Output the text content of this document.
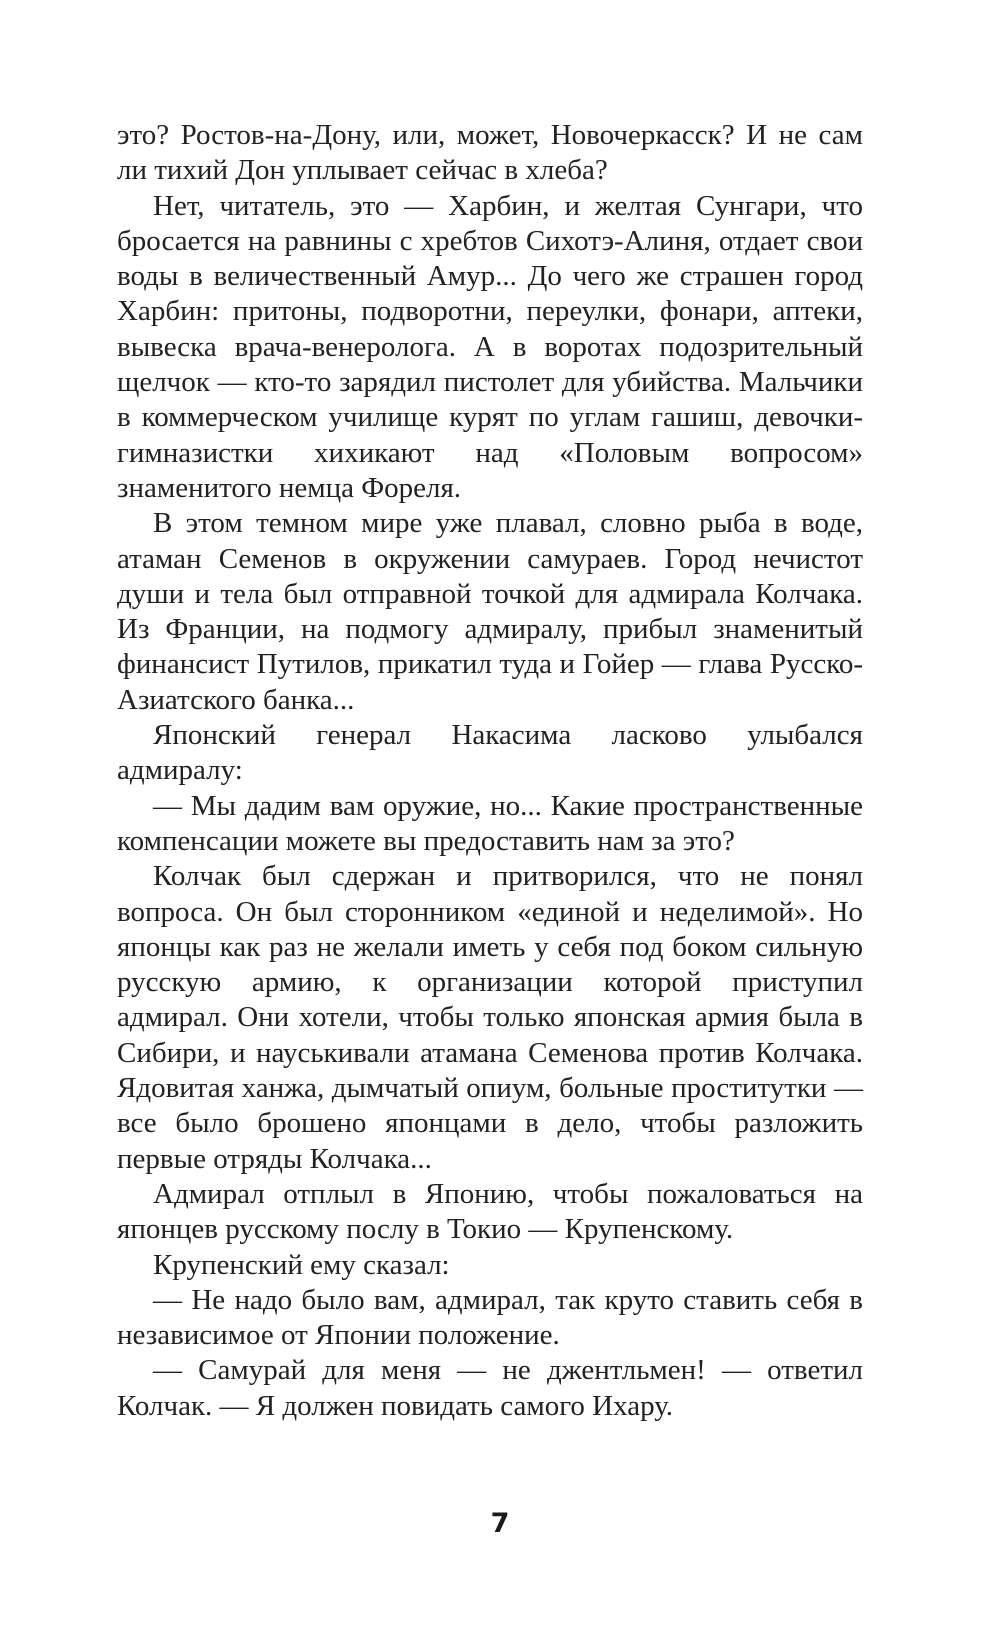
это? Ростов-на-Дону, или, может, Новочеркасск? И не сам ли тихий Дон уплывает сейчас в хлеба?

Нет, читатель, это — Харбин, и желтая Сунгари, что бросается на равнины с хребтов Сихотэ-Алиня, отдает свои воды в величественный Амур... До чего же страшен город Харбин: притоны, подворотни, переулки, фонари, аптеки, вывеска врача-венеролога. А в воротах подозрительный щелчок — кто-то зарядил пистолет для убийства. Мальчики в коммерческом училище курят по углам гашиш, девочки-гимназистки хихикают над «Половым вопросом» знаменитого немца Фореля.

В этом темном мире уже плавал, словно рыба в воде, атаман Семенов в окружении самураев. Город нечистот души и тела был отправной точкой для адмирала Колчака. Из Франции, на подмогу адмиралу, прибыл знаменитый финансист Путилов, прикатил туда и Гойер — глава Русско-Азиатского банка...

Японский генерал Накасима ласково улыбался адмиралу:

— Мы дадим вам оружие, но... Какие пространственные компенсации можете вы предоставить нам за это?

Колчак был сдержан и притворился, что не понял вопроса. Он был сторонником «единой и неделимой». Но японцы как раз не желали иметь у себя под боком сильную русскую армию, к организации которой приступил адмирал. Они хотели, чтобы только японская армия была в Сибири, и науськивали атамана Семенова против Колчака. Ядовитая ханжа, дымчатый опиум, больные проститутки — все было брошено японцами в дело, чтобы разложить первые отряды Колчака...

Адмирал отплыл в Японию, чтобы пожаловаться на японцев русскому послу в Токио — Крупенскому.

Крупенский ему сказал:

— Не надо было вам, адмирал, так круто ставить себя в независимое от Японии положение.

— Самурай для меня — не джентльмен! — ответил Колчак. — Я должен повидать самого Ихару.

7
